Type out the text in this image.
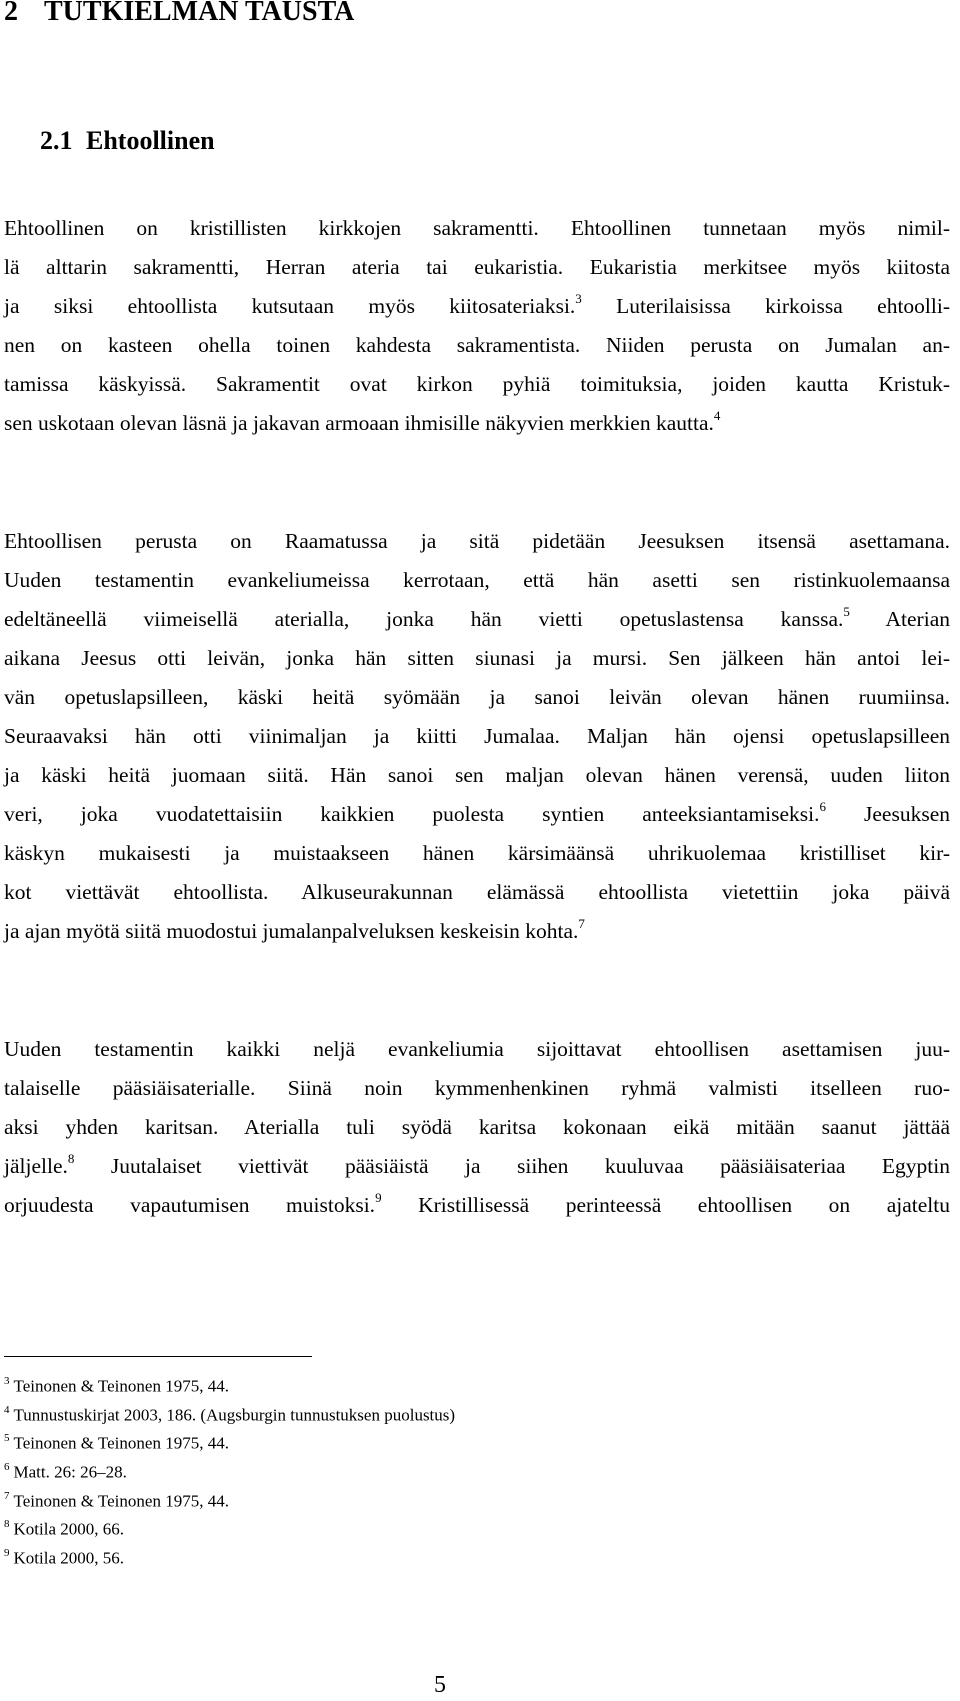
2 TUTKIELMAN TAUSTA
2.1 Ehtoollinen
Ehtoollinen on kristillisten kirkkojen sakramentti. Ehtoollinen tunnetaan myös nimil-
lä alttarin sakramentti, Herran ateria tai eukaristia. Eukaristia merkitsee myös kiitosta
ja siksi ehtoollista kutsutaan myös kiitosateriaksi.$^3$ Luterilaisissa kirkoissa ehtoolli-
nen on kasteen ohella toinen kahdesta sakramentista. Niiden perusta on Jumalan an-
tamissa käskyissä. Sakramentit ovat kirkon pyhiä toimituksia, joiden kautta Kristuk-
sen uskotaan olevan läsnä ja jakavan armoaan ihmisille näkyvien merkkien kautta.$^4$
Ehtoollisen perusta on Raamatussa ja sitä pidetään Jeesuksen itsensä asettamana.
Uuden testamentin evankeliumeissa kerrotaan, että hän asetti sen ristinkuolemaansa
edeltäneellä viimeisellä aterialla, jonka hän vietti opetuslastensa kanssa.$^5$ Aterian
aikana Jeesus otti leivän, jonka hän sitten siunasi ja mursi. Sen jälkeen hän antoi lei-
vän opetuslapsilleen, käski heitä syömään ja sanoi leivän olevan hänen ruumiinsa.
Seuraavaksi hän otti viinimaljan ja kiitti Jumalaa. Maljan hän ojensi opetuslapsilleen
ja käski heitä juomaan siitä. Hän sanoi sen maljan olevan hänen verensä, uuden liiton
veri, joka vuodatettaisiin kaikkien puolesta syntien anteeksiantamiseksi.$^6$ Jeesuksen
käskyn mukaisesti ja muistaakseen hänen kärsimäänsä uhrikuolemaa kristilliset kir-
kot viettävät ehtoollista. Alkuseurakunnan elämässä ehtoollista vietettiin joka päivä
ja ajan myötä siitä muodostui jumalanpalveluksen keskeisin kohta.$^7$
Uuden testamentin kaikki neljä evankeliumia sijoittavat ehtoollisen asettamisen juu-
talaiselle pääsiäisaterialle. Siinä noin kymmenhenkinen ryhmä valmisti itselleen ruo-
aksi yhden karitsan. Aterialla tuli syödä karitsa kokonaan eikä mitään saanut jättää
jäljelle.$^8$ Juutalaiset viettivät pääsiäistä ja siihen kuuluvaa pääsiäisateriaa Egyptin
orjuudesta vapautumisen muistoksi.$^9$ Kristillisessä perinteessä ehtoollisen on ajateltu
$^3$ Teinonen & Teinonen 1975, 44.
$^4$ Tunnustuskirjat 2003, 186. (Augsburgin tunnustuksen puolustus)
$^5$ Teinonen & Teinonen 1975, 44.
$^6$ Matt. 26: 26–28.
$^7$ Teinonen & Teinonen 1975, 44.
$^8$ Kotila 2000, 66.
$^9$ Kotila 2000, 56.
5
